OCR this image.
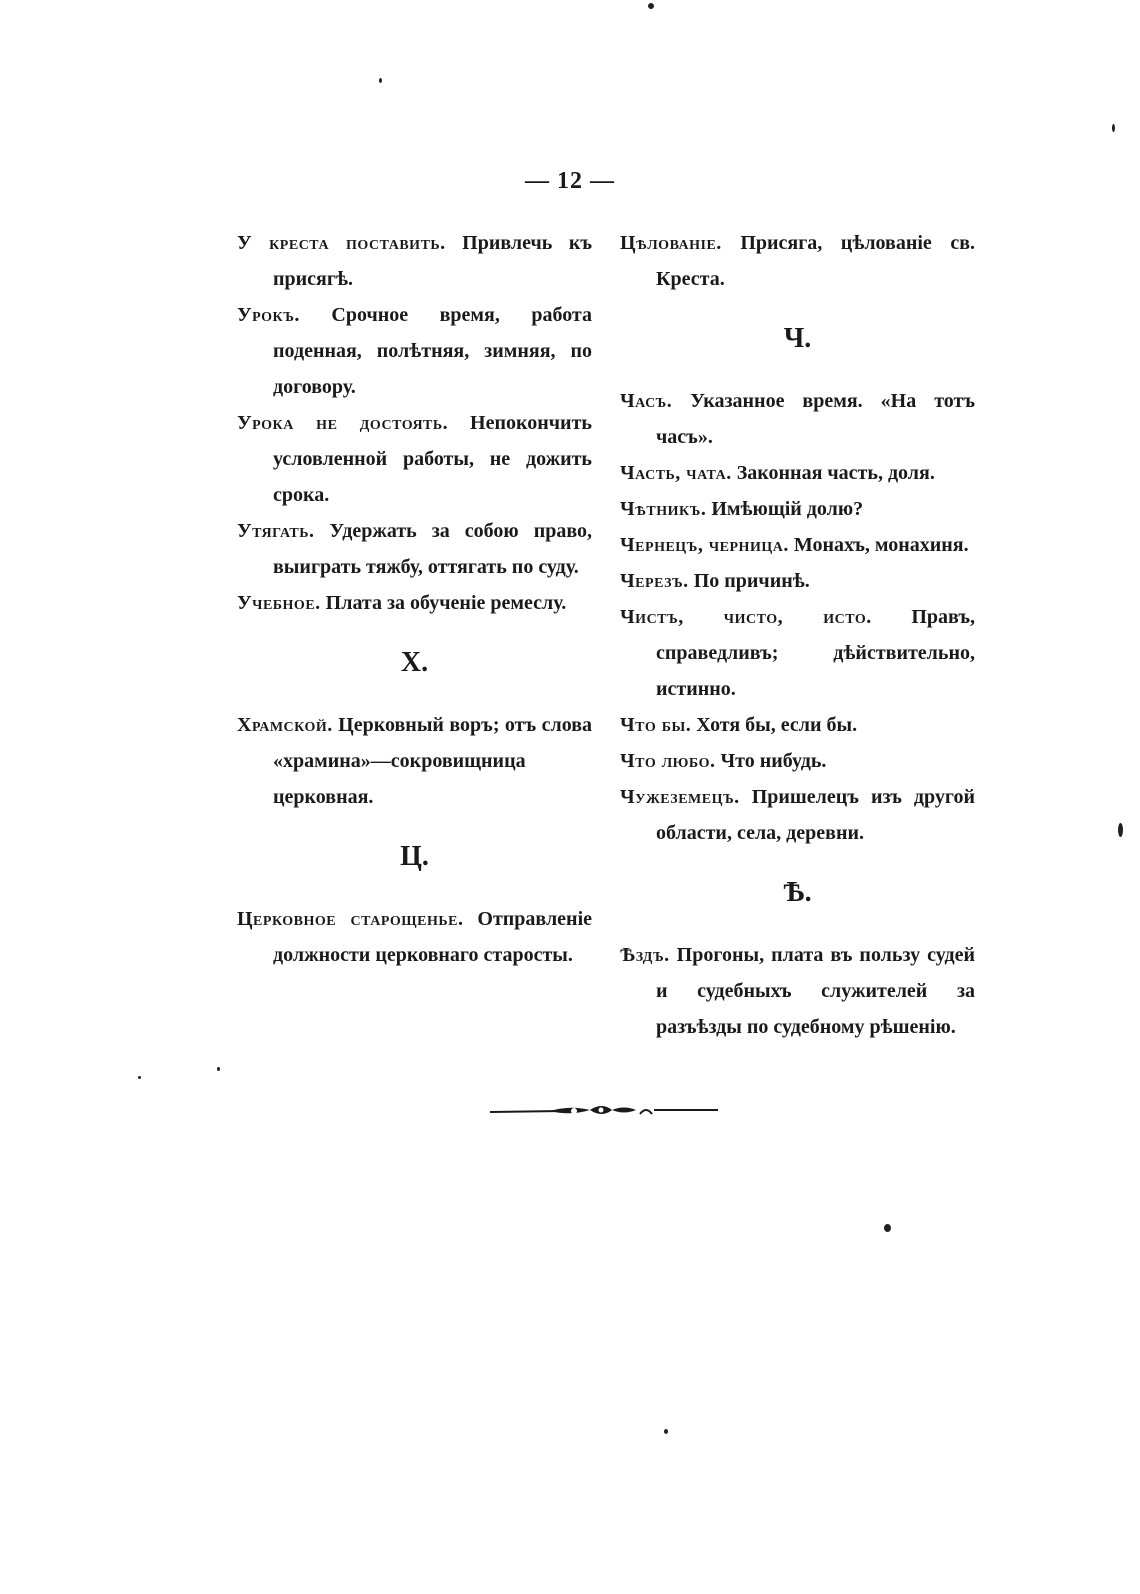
— 12 —

У креста поставить. Привлечь къ присягѣ.

Урокъ. Срочное время, работа поденная, полѣтняя, зимняя, по договору.

Урока не достоять. Непокончить условленной работы, не дожить срока.

Утягать. Удержать за собою право, выиграть тяжбу, оттягать по суду.

Учебное. Плата за обученіе ремеслу.

Х.

Храмской. Церковный воръ; отъ слова «храмина»—сокровищница церковная.

Ц.

Церковное старощенье. Отправленіе должности церковнаго старосты.

Цѣлованіе. Присяга, цѣлованіе св. Креста.

Ч.

Часъ. Указанное время. «На тотъ часъ».

Часть, чата. Законная часть, доля.

Чѣтникъ. Имѣющій долю?

Чернецъ, черница. Монахъ, монахиня.

Черезъ. По причинѣ.

Чистъ, чисто, исто. Правъ, справедливъ; дѣйствительно, истинно.

Что бы. Хотя бы, если бы.

Что любо. Что нибудь.

Чужеземецъ. Пришелецъ изъ другой области, села, деревни.

Ѣ.

Ѣздъ. Прогоны, плата въ пользу судей и судебныхъ служителей за разъѣзды по судебному рѣшенію.
